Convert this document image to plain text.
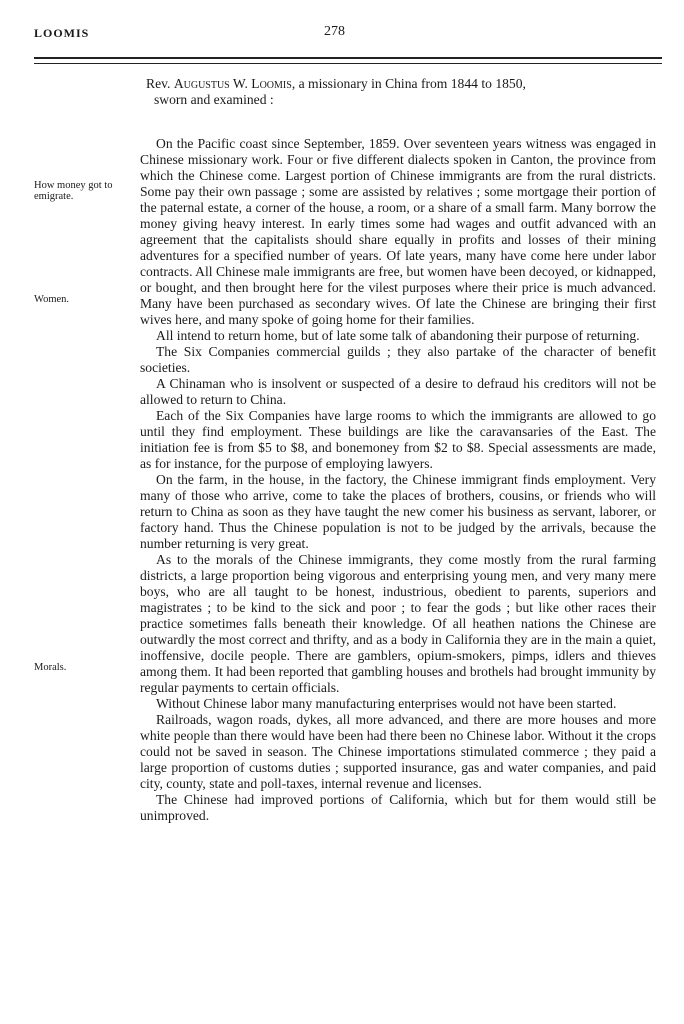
LOOMIS	278
How money got to emigrate.
Women.
Morals.

Rev. Augustus W. Loomis, a missionary in China from 1844 to 1850,
sworn and examined :

On the Pacific coast since September, 1859. Over seventeen years witness was engaged in Chinese missionary work. Four or five different dialects spoken in Canton, the province from which the Chinese come. Largest portion of Chinese immigrants are from the rural districts. Some pay their own passage ; some are assisted by relatives ; some mortgage their portion of the paternal estate, a corner of the house, a room, or a share of a small farm. Many borrow the money giving heavy interest. In early times some had wages and outfit advanced with an agreement that the capitalists should share equally in profits and losses of their mining adventures for a specified number of years. Of late years, many have come here under labor contracts. All Chinese male immigrants are free, but women have been decoyed, or kidnapped, or bought, and then brought here for the vilest purposes where their price is much advanced. Many have been purchased as secondary wives. Of late the Chinese are bringing their first wives here, and many spoke of going home for their families.

All intend to return home, but of late some talk of abandoning their purpose of returning.

The Six Companies commercial guilds ; they also partake of the character of benefit societies.

A Chinaman who is insolvent or suspected of a desire to defraud his creditors will not be allowed to return to China.

Each of the Six Companies have large rooms to which the immigrants are allowed to go until they find employment. These buildings are like the caravansaries of the East. The initiation fee is from $5 to $8, and bonemoney from $2 to $8. Special assessments are made, as for instance, for the purpose of employing lawyers.

On the farm, in the house, in the factory, the Chinese immigrant finds employment. Very many of those who arrive, come to take the places of brothers, cousins, or friends who will return to China as soon as they have taught the new comer his business as servant, laborer, or factory hand. Thus the Chinese population is not to be judged by the arrivals, because the number returning is very great.

As to the morals of the Chinese immigrants, they come mostly from the rural farming districts, a large proportion being vigorous and enterprising young men, and very many mere boys, who are all taught to be honest, industrious, obedient to parents, superiors and magistrates ; to be kind to the sick and poor ; to fear the gods ; but like other races their practice sometimes falls beneath their knowledge. Of all heathen nations the Chinese are outwardly the most correct and thrifty, and as a body in California they are in the main a quiet, inoffensive, docile people. There are gamblers, opium-smokers, pimps, idlers and thieves among them. It had been reported that gambling houses and brothels had brought immunity by regular payments to certain officials.

Without Chinese labor many manufacturing enterprises would not have been started.

Railroads, wagon roads, dykes, all more advanced, and there are more houses and more white people than there would have been had there been no Chinese labor. Without it the crops could not be saved in season. The Chinese importations stimulated commerce ; they paid a large proportion of customs duties ; supported insurance, gas and water companies, and paid city, county, state and poll-taxes, internal revenue and licenses.

The Chinese had improved portions of California, which but for them would still be unimproved.
